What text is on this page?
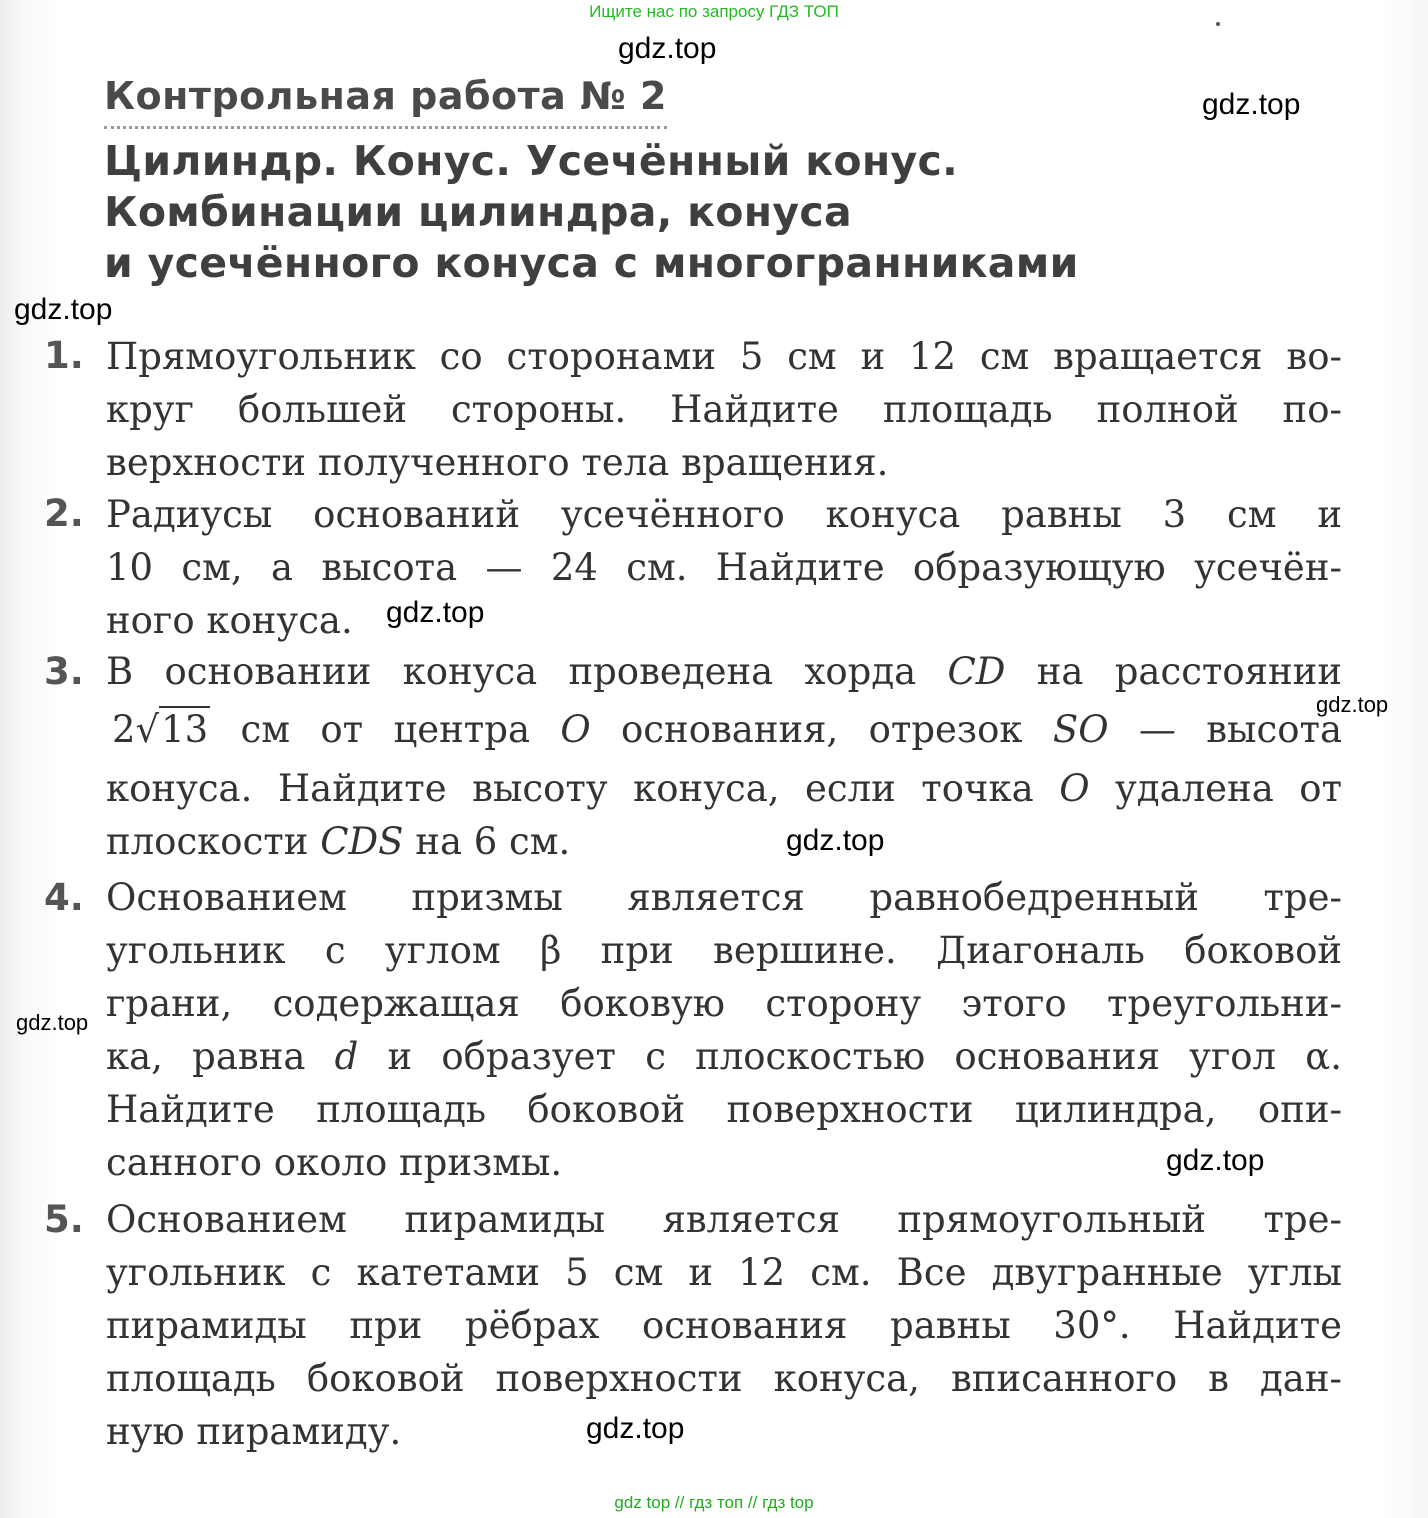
Ищите нас по запросу ГДЗ ТОП
gdz.top
gdz.top
gdz.top
gdz.top
gdz.top
gdz.top
gdz.top
gdz.top
gdz.top
Контрольная работа № 2
Цилиндр. Конус. Усечённый конус.
Комбинации цилиндра, конуса
и усечённого конуса с многогранниками
1. Прямоугольник со сторонами 5 см и 12 см вращается во-
круг большей стороны. Найдите площадь полной по-
верхности полученного тела вращения.
2. Радиусы оснований усечённого конуса равны 3 см и
10 см, а высота — 24 см. Найдите образующую усечён-
ного конуса.
3. В основании конуса проведена хорда CD на расстоянии
2√13 см от центра O основания, отрезок SO — высота
конуса. Найдите высоту конуса, если точка O удалена от
плоскости CDS на 6 см.
4. Основанием призмы является равнобедренный тре-
угольник с углом β при вершине. Диагональ боковой
грани, содержащая боковую сторону этого треугольни-
ка, равна d и образует с плоскостью основания угол α.
Найдите площадь боковой поверхности цилиндра, опи-
санного около призмы.
5. Основанием пирамиды является прямоугольный тре-
угольник с катетами 5 см и 12 см. Все двугранные углы
пирамиды при рёбрах основания равны 30°. Найдите
площадь боковой поверхности конуса, вписанного в дан-
ную пирамиду.
gdz top // гдз топ // гдз top
